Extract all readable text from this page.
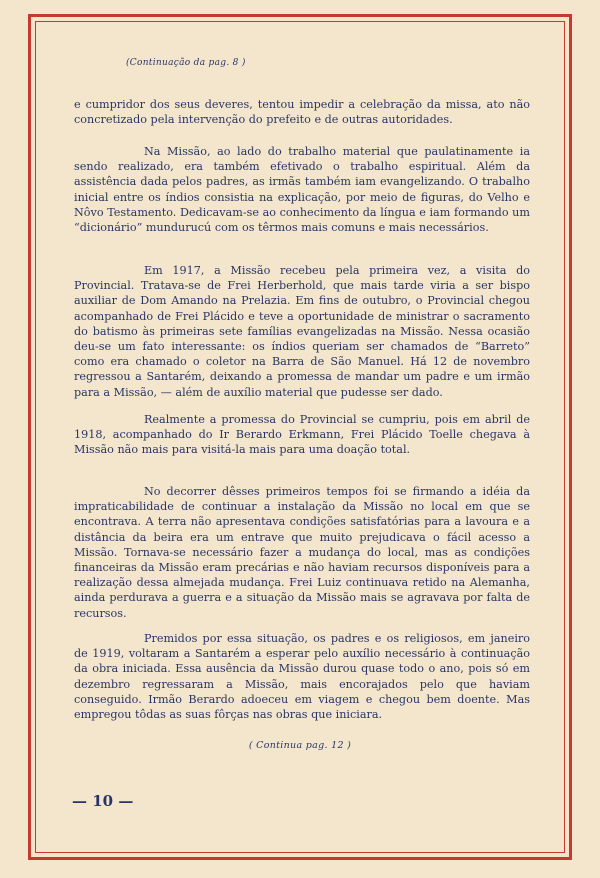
(Continuação da pag. 8 )

e cumpridor dos seus deveres, tentou impedir a celebração da missa, ato não concretizado pela intervenção do prefeito e de outras autoridades.

Na Missão, ao lado do trabalho material que paulatinamente ia sendo realizado, era também efetivado o trabalho espiritual. Além da assistência dada pelos padres, as irmãs também iam evangelizando. O trabalho inicial entre os índios consistia na explicação, por meio de figuras, do Velho e Nôvo Testamento. Dedicavam-se ao conhecimento da língua e iam formando um “dicionário” mundurucú com os têrmos mais comuns e mais necessários.

Em 1917, a Missão recebeu pela primeira vez, a visita do Provincial. Tratava-se de Frei Herberhold, que mais tarde viria a ser bispo auxiliar de Dom Amando na Prelazia. Em fins de outubro, o Provincial chegou acompanhado de Frei Plácido e teve a oportunidade de ministrar o sacramento do batismo às primeiras sete famílias evangelizadas na Missão. Nessa ocasião deu-se um fato interessante: os índios queriam ser chamados de “Barreto” como era chamado o coletor na Barra de São Manuel. Há 12 de novembro regressou a Santarém, deixando a promessa de mandar um padre e um irmão para a Missão, — além de auxílio material que pudesse ser dado.

Realmente a promessa do Provincial se cumpriu, pois em abril de 1918, acompanhado do Ir Berardo Erkmann, Frei Plácido Toelle chegava à Missão não mais para visitá-la mais para uma doação total.

No decorrer dêsses primeiros tempos foi se firmando a idéia da impraticabilidade de continuar a instalação da Missão no local em que se encontrava. A terra não apresentava condições satisfatórias para a lavoura e a distância da beira era um entrave que muito prejudicava o fácil acesso a Missão. Tornava-se necessário fazer a mudança do local, mas as condições financeiras da Missão eram precárias e não haviam recursos disponíveis para a realização dessa almejada mudança. Frei Luiz continuava retido na Alemanha, ainda perdurava a guerra e a situação da Missão mais se agravava por falta de recursos.

Premidos por essa situação, os padres e os religiosos, em janeiro de 1919, voltaram a Santarém a esperar pelo auxílio necessário à continuação da obra iniciada. Essa ausência da Missão durou quase todo o ano, pois só em dezembro regressaram a Missão, mais encorajados pelo que haviam conseguido. Irmão Berardo adoeceu em viagem e chegou bem doente. Mas empregou tôdas as suas fôrças nas obras que iniciara.

( Continua pag. 12 )
— 10 —
